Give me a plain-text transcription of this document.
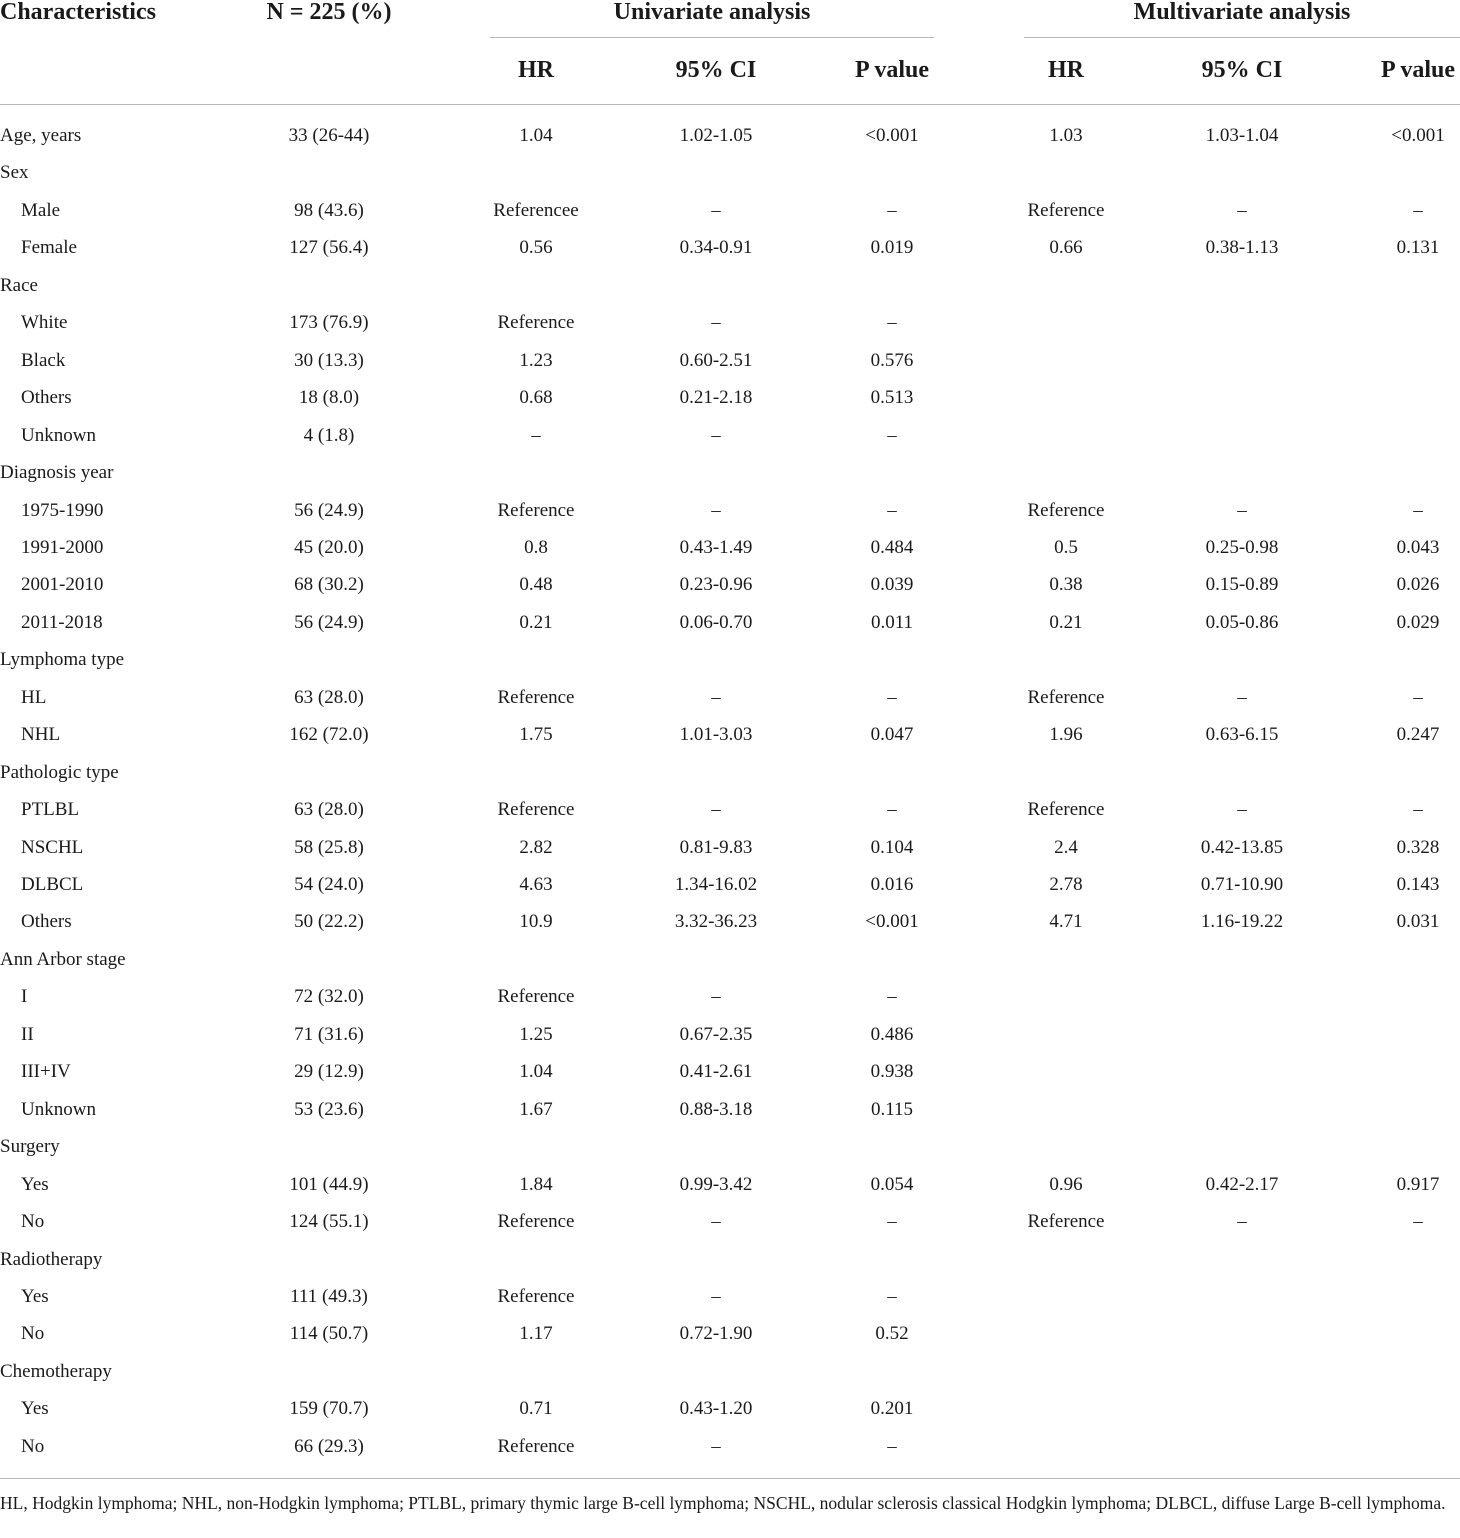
Characteristics	N = 225 (%)	Univariate analysis	Multivariate analysis
HR	95% CI	P value	HR	95% CI	P value
Age, years	33 (26-44)	1.04	1.02-1.05	<0.001	1.03	1.03-1.04	<0.001
Sex
Male	98 (43.6)	Referencee	–	–	Reference	–	–
Female	127 (56.4)	0.56	0.34-0.91	0.019	0.66	0.38-1.13	0.131
Race
White	173 (76.9)	Reference	–	–
Black	30 (13.3)	1.23	0.60-2.51	0.576
Others	18 (8.0)	0.68	0.21-2.18	0.513
Unknown	4 (1.8)	–	–	–
Diagnosis year
1975-1990	56 (24.9)	Reference	–	–	Reference	–	–
1991-2000	45 (20.0)	0.8	0.43-1.49	0.484	0.5	0.25-0.98	0.043
2001-2010	68 (30.2)	0.48	0.23-0.96	0.039	0.38	0.15-0.89	0.026
2011-2018	56 (24.9)	0.21	0.06-0.70	0.011	0.21	0.05-0.86	0.029
Lymphoma type
HL	63 (28.0)	Reference	–	–	Reference	–	–
NHL	162 (72.0)	1.75	1.01-3.03	0.047	1.96	0.63-6.15	0.247
Pathologic type
PTLBL	63 (28.0)	Reference	–	–	Reference	–	–
NSCHL	58 (25.8)	2.82	0.81-9.83	0.104	2.4	0.42-13.85	0.328
DLBCL	54 (24.0)	4.63	1.34-16.02	0.016	2.78	0.71-10.90	0.143
Others	50 (22.2)	10.9	3.32-36.23	<0.001	4.71	1.16-19.22	0.031
Ann Arbor stage
I	72 (32.0)	Reference	–	–
II	71 (31.6)	1.25	0.67-2.35	0.486
III+IV	29 (12.9)	1.04	0.41-2.61	0.938
Unknown	53 (23.6)	1.67	0.88-3.18	0.115
Surgery
Yes	101 (44.9)	1.84	0.99-3.42	0.054	0.96	0.42-2.17	0.917
No	124 (55.1)	Reference	–	–	Reference	–	–
Radiotherapy
Yes	111 (49.3)	Reference	–	–
No	114 (50.7)	1.17	0.72-1.90	0.52
Chemotherapy
Yes	159 (70.7)	0.71	0.43-1.20	0.201
No	66 (29.3)	Reference	–	–
HL, Hodgkin lymphoma; NHL, non-Hodgkin lymphoma; PTLBL, primary thymic large B-cell lymphoma; NSCHL, nodular sclerosis classical Hodgkin lymphoma; DLBCL, diffuse Large B-cell lymphoma.
